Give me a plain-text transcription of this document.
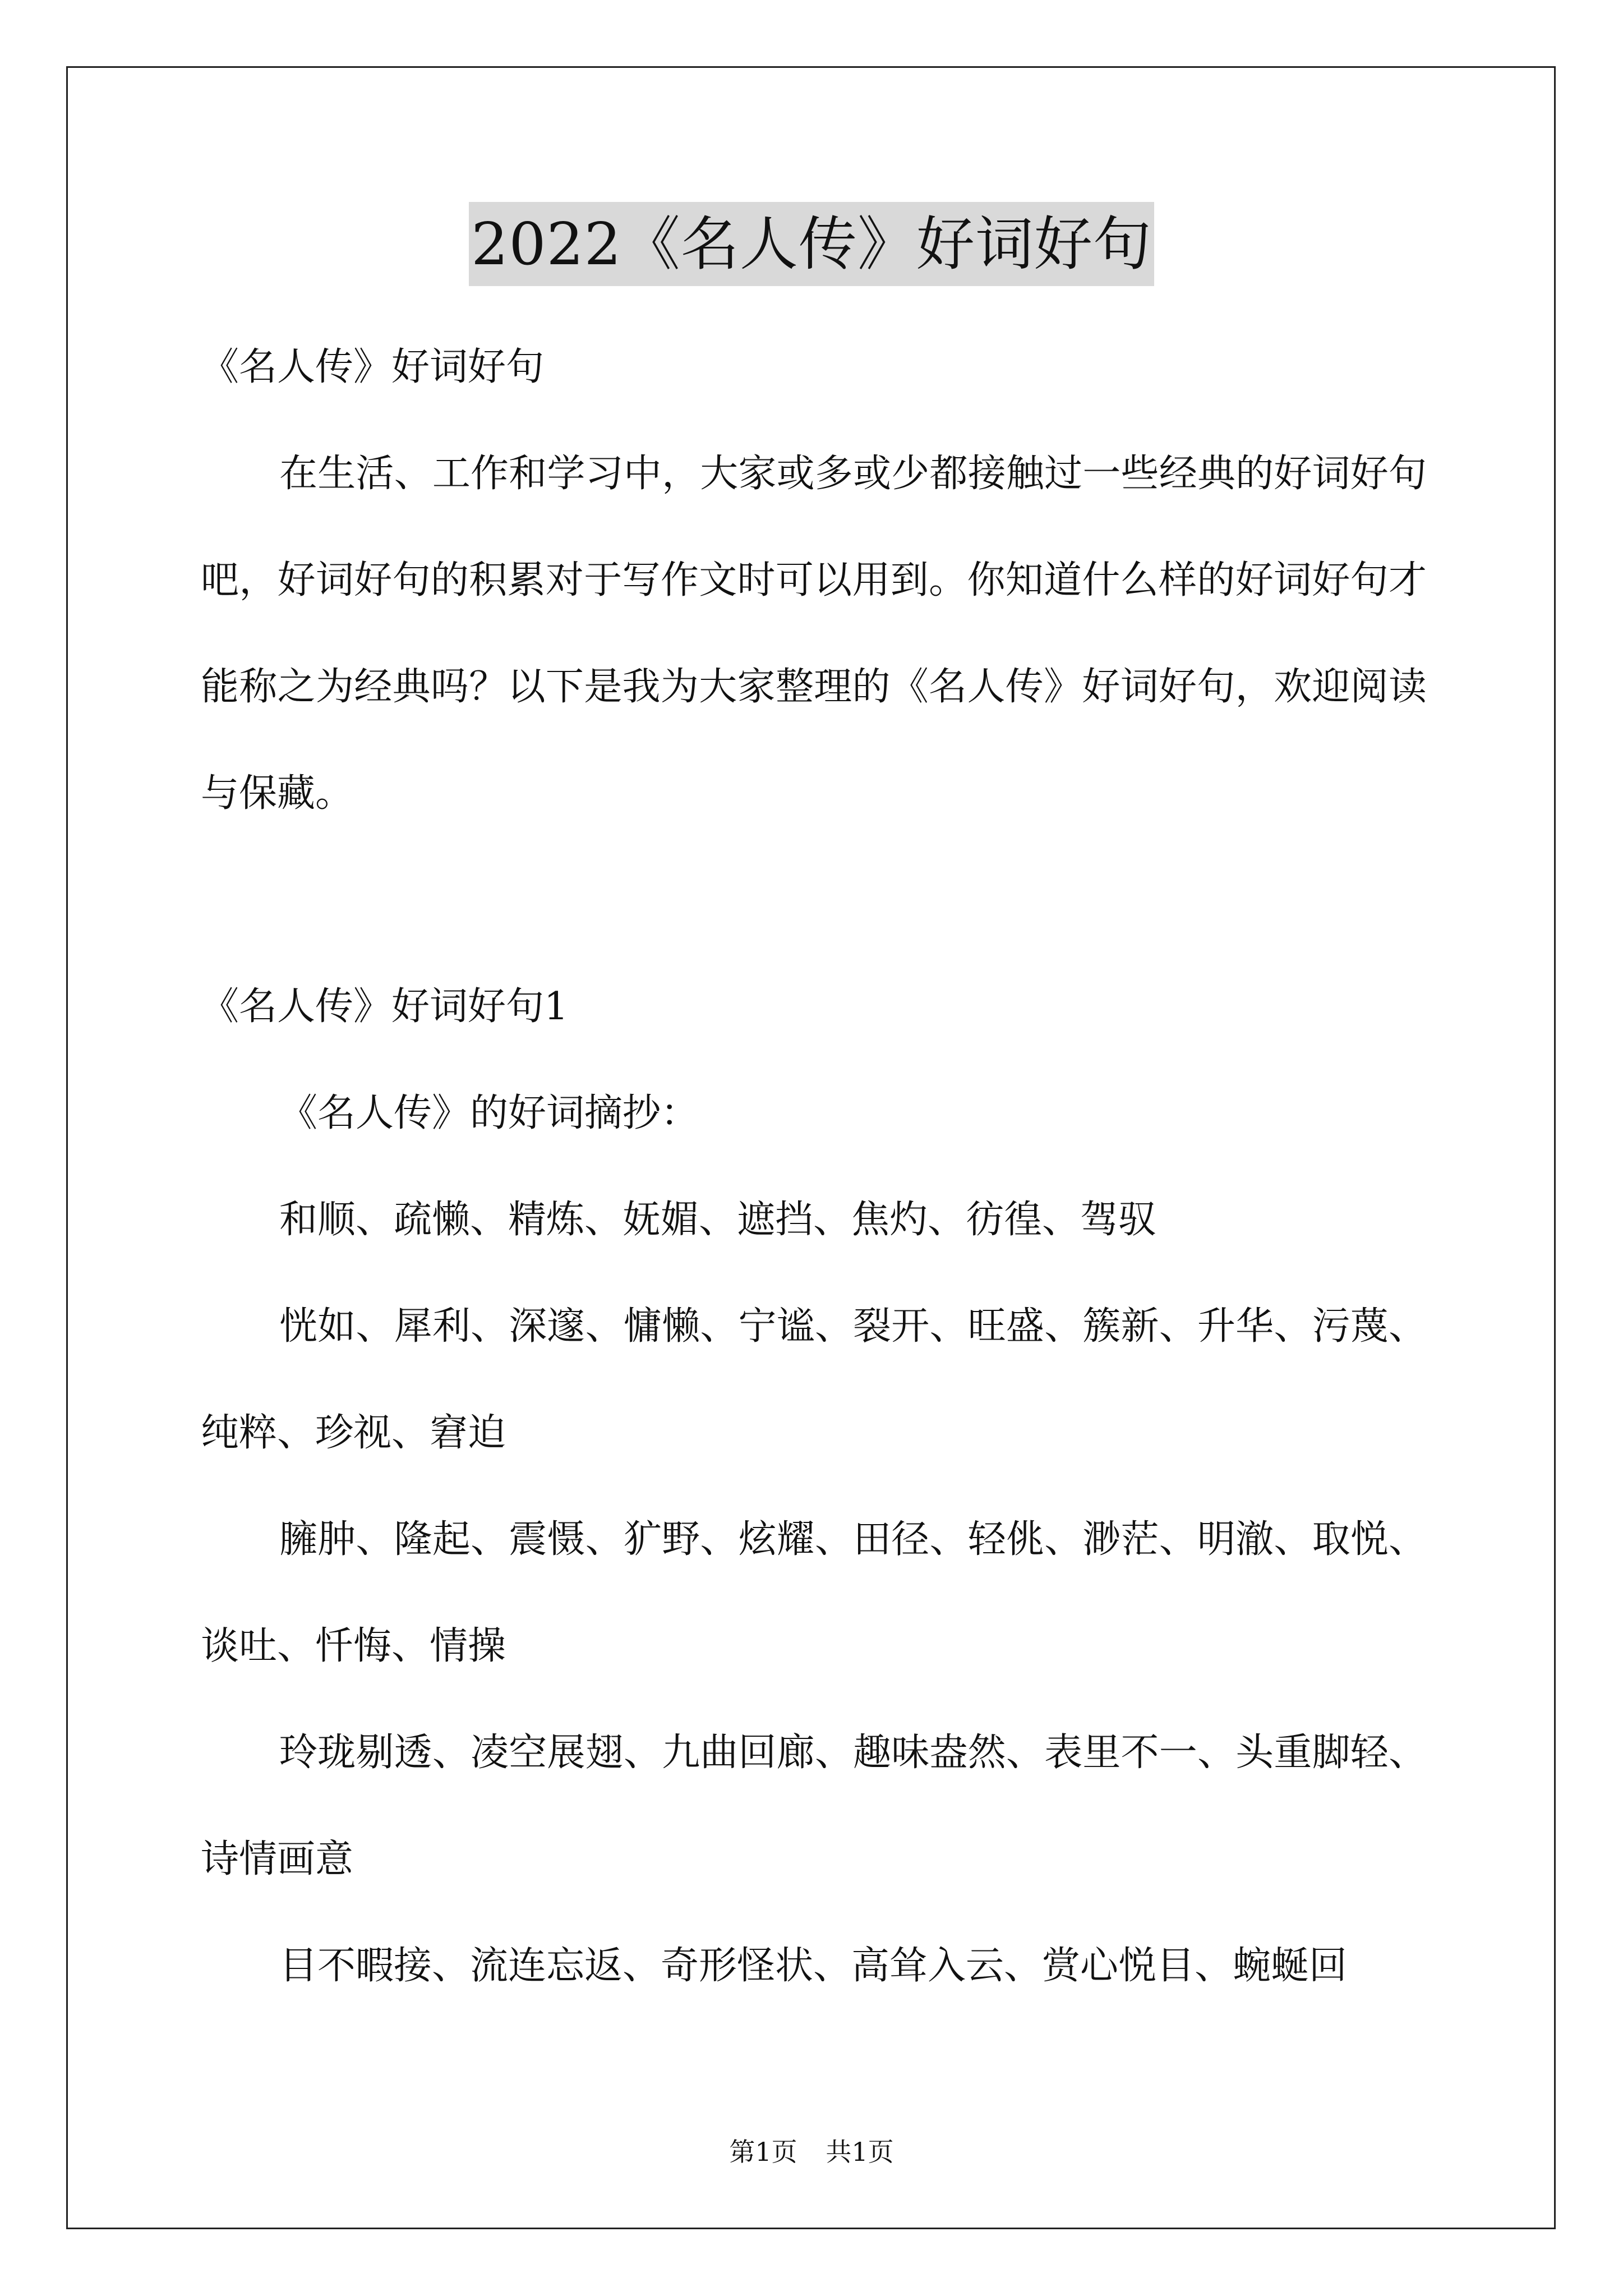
2022《名人传》好词好句

《名人传》好词好句

在生活、工作和学习中，大家或多或少都接触过一些经典的好词好句吧，好词好句的积累对于写作文时可以用到。你知道什么样的好词好句才能称之为经典吗？以下是我为大家整理的《名人传》好词好句，欢迎阅读与保藏。

《名人传》好词好句1

《名人传》的好词摘抄：

和顺、疏懒、精炼、妩媚、遮挡、焦灼、彷徨、驾驭

恍如、犀利、深邃、慵懒、宁谧、裂开、旺盛、簇新、升华、污蔑、纯粹、珍视、窘迫

臃肿、隆起、震慑、犷野、炫耀、田径、轻佻、渺茫、明澈、取悦、谈吐、忏悔、情操

玲珑剔透、凌空展翅、九曲回廊、趣味盎然、表里不一、头重脚轻、诗情画意

目不暇接、流连忘返、奇形怪状、高耸入云、赏心悦目、蜿蜒回

第1页 共1页
